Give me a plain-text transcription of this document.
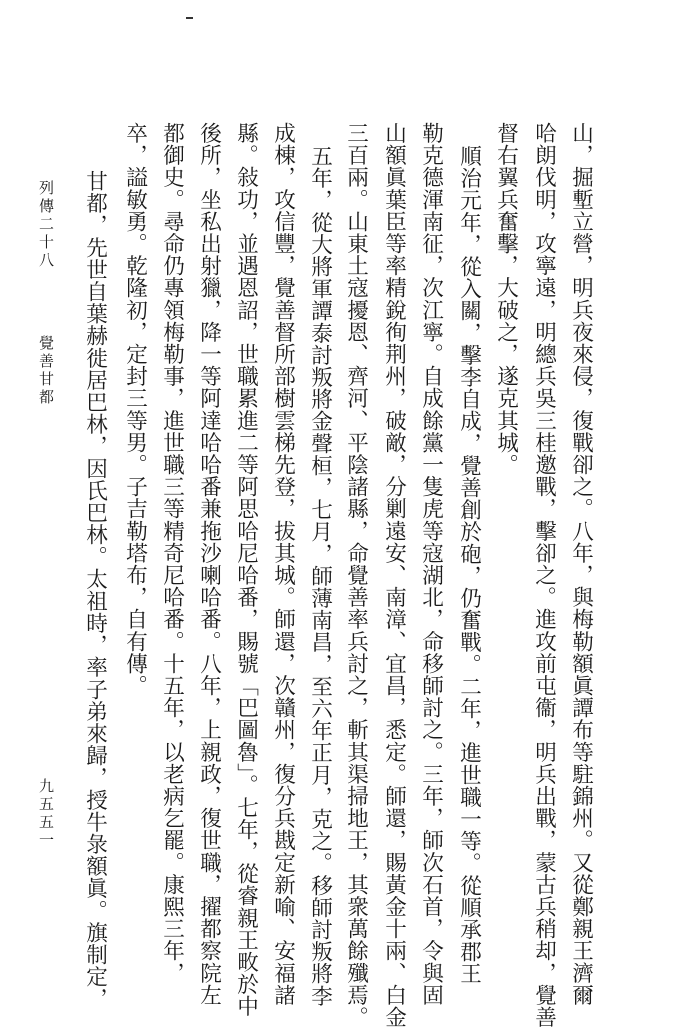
山，掘塹立營，明兵夜來侵，復戰卻之。八年，與梅勒額眞譚布等駐錦州。又從鄭親王濟爾
哈朗伐明，攻寧遠，明總兵吳三桂邀戰，擊卻之。進攻前屯衞，明兵出戰，蒙古兵稍却，覺善
督右翼兵奮擊，大破之，遂克其城。
順治元年，從入關，擊李自成，覺善創於砲，仍奮戰。二年，進世職一等。從順承郡王
勒克德渾南征，次江寧。自成餘黨一隻虎等寇湖北，命移師討之。三年，師次石首，令與固
山額眞葉臣等率精銳徇荆州，破敵，分剿遠安、南漳、宜昌，悉定。師還，賜黃金十兩、白金
三百兩。山東土寇擾恩、齊河、平陰諸縣，命覺善率兵討之，斬其渠掃地王，其衆萬餘殲焉。
五年，從大將軍譚泰討叛將金聲桓，七月，師薄南昌，至六年正月，克之。移師討叛將李
成棟，攻信豐，覺善督所部樹雲梯先登，拔其城。師還，次贛州，復分兵戡定新喻、安福諸
縣。敍功，並遇恩詔，世職累進二等阿思哈尼哈番，賜號「巴圖魯」。七年，從睿親王畋於中
後所，坐私出射獵，降一等阿達哈哈番兼拖沙喇哈番。八年，上親政，復世職，擢都察院左
都御史。尋命仍專領梅勒事，進世職三等精奇尼哈番。十五年，以老病乞罷。康熙三年，
卒，謚敏勇。乾隆初，定封三等男。子吉勒塔布，自有傳。
甘都，先世自葉赫徙居巴林，因氏巴林。太祖時，率子弟來歸，授牛彔額眞。旗制定，
列傳二十八
覺善甘都
九五五一
